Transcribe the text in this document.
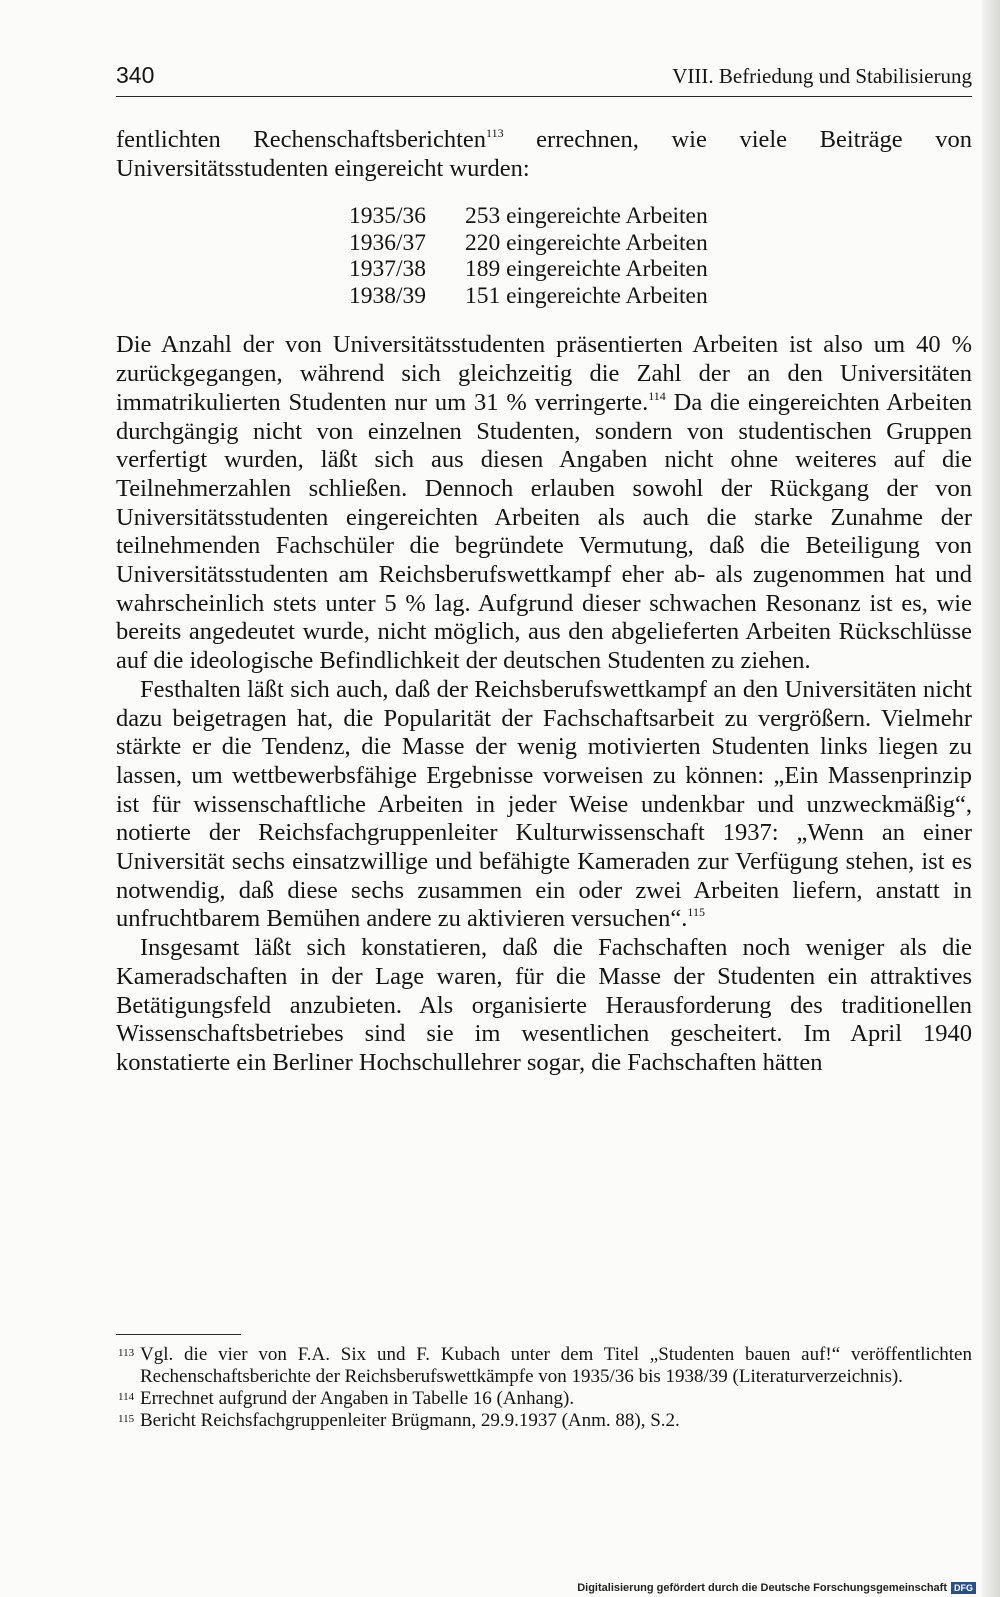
340	VIII. Befriedung und Stabilisierung

fentlichten Rechenschaftsberichten$^{113}$ errechnen, wie viele Beiträge von Universitätsstudenten eingereicht wurden:

1935/36	253 eingereichte Arbeiten
1936/37	220 eingereichte Arbeiten
1937/38	189 eingereichte Arbeiten
1938/39	151 eingereichte Arbeiten

Die Anzahl der von Universitätsstudenten präsentierten Arbeiten ist also um 40 % zurückgegangen, während sich gleichzeitig die Zahl der an den Universitäten immatrikulierten Studenten nur um 31 % verringerte.$^{114}$ Da die eingereichten Arbeiten durchgängig nicht von einzelnen Studenten, sondern von studentischen Gruppen verfertigt wurden, läßt sich aus diesen Angaben nicht ohne weiteres auf die Teilnehmerzahlen schließen. Dennoch erlauben sowohl der Rückgang der von Universitätsstudenten eingereichten Arbeiten als auch die starke Zunahme der teilnehmenden Fachschüler die begründete Vermutung, daß die Beteiligung von Universitätsstudenten am Reichsberufswettkampf eher ab- als zugenommen hat und wahrscheinlich stets unter 5 % lag. Aufgrund dieser schwachen Resonanz ist es, wie bereits angedeutet wurde, nicht möglich, aus den abgelieferten Arbeiten Rückschlüsse auf die ideologische Befindlichkeit der deutschen Studenten zu ziehen.

Festhalten läßt sich auch, daß der Reichsberufswettkampf an den Universitäten nicht dazu beigetragen hat, die Popularität der Fachschaftsarbeit zu vergrößern. Vielmehr stärkte er die Tendenz, die Masse der wenig motivierten Studenten links liegen zu lassen, um wettbewerbsfähige Ergebnisse vorweisen zu können: „Ein Massenprinzip ist für wissenschaftliche Arbeiten in jeder Weise undenkbar und unzweckmäßig“, notierte der Reichsfachgruppenleiter Kulturwissenschaft 1937: „Wenn an einer Universität sechs einsatzwillige und befähigte Kameraden zur Verfügung stehen, ist es notwendig, daß diese sechs zusammen ein oder zwei Arbeiten liefern, anstatt in unfruchtbarem Bemühen andere zu aktivieren versuchen“.$^{115}$

Insgesamt läßt sich konstatieren, daß die Fachschaften noch weniger als die Kameradschaften in der Lage waren, für die Masse der Studenten ein attraktives Betätigungsfeld anzubieten. Als organisierte Herausforderung des traditionellen Wissenschaftsbetriebes sind sie im wesentlichen gescheitert. Im April 1940 konstatierte ein Berliner Hochschullehrer sogar, die Fachschaften hätten

113 Vgl. die vier von F.A. Six und F. Kubach unter dem Titel „Studenten bauen auf!“ veröffentlichten Rechenschaftsberichte der Reichsberufswettkämpfe von 1935/36 bis 1938/39 (Literaturverzeichnis).

114 Errechnet aufgrund der Angaben in Tabelle 16 (Anhang).

115 Bericht Reichsfachgruppenleiter Brügmann, 29.9.1937 (Anm. 88), S.2.

Digitalisierung gefördert durch die Deutsche Forschungsgemeinschaft DFG
